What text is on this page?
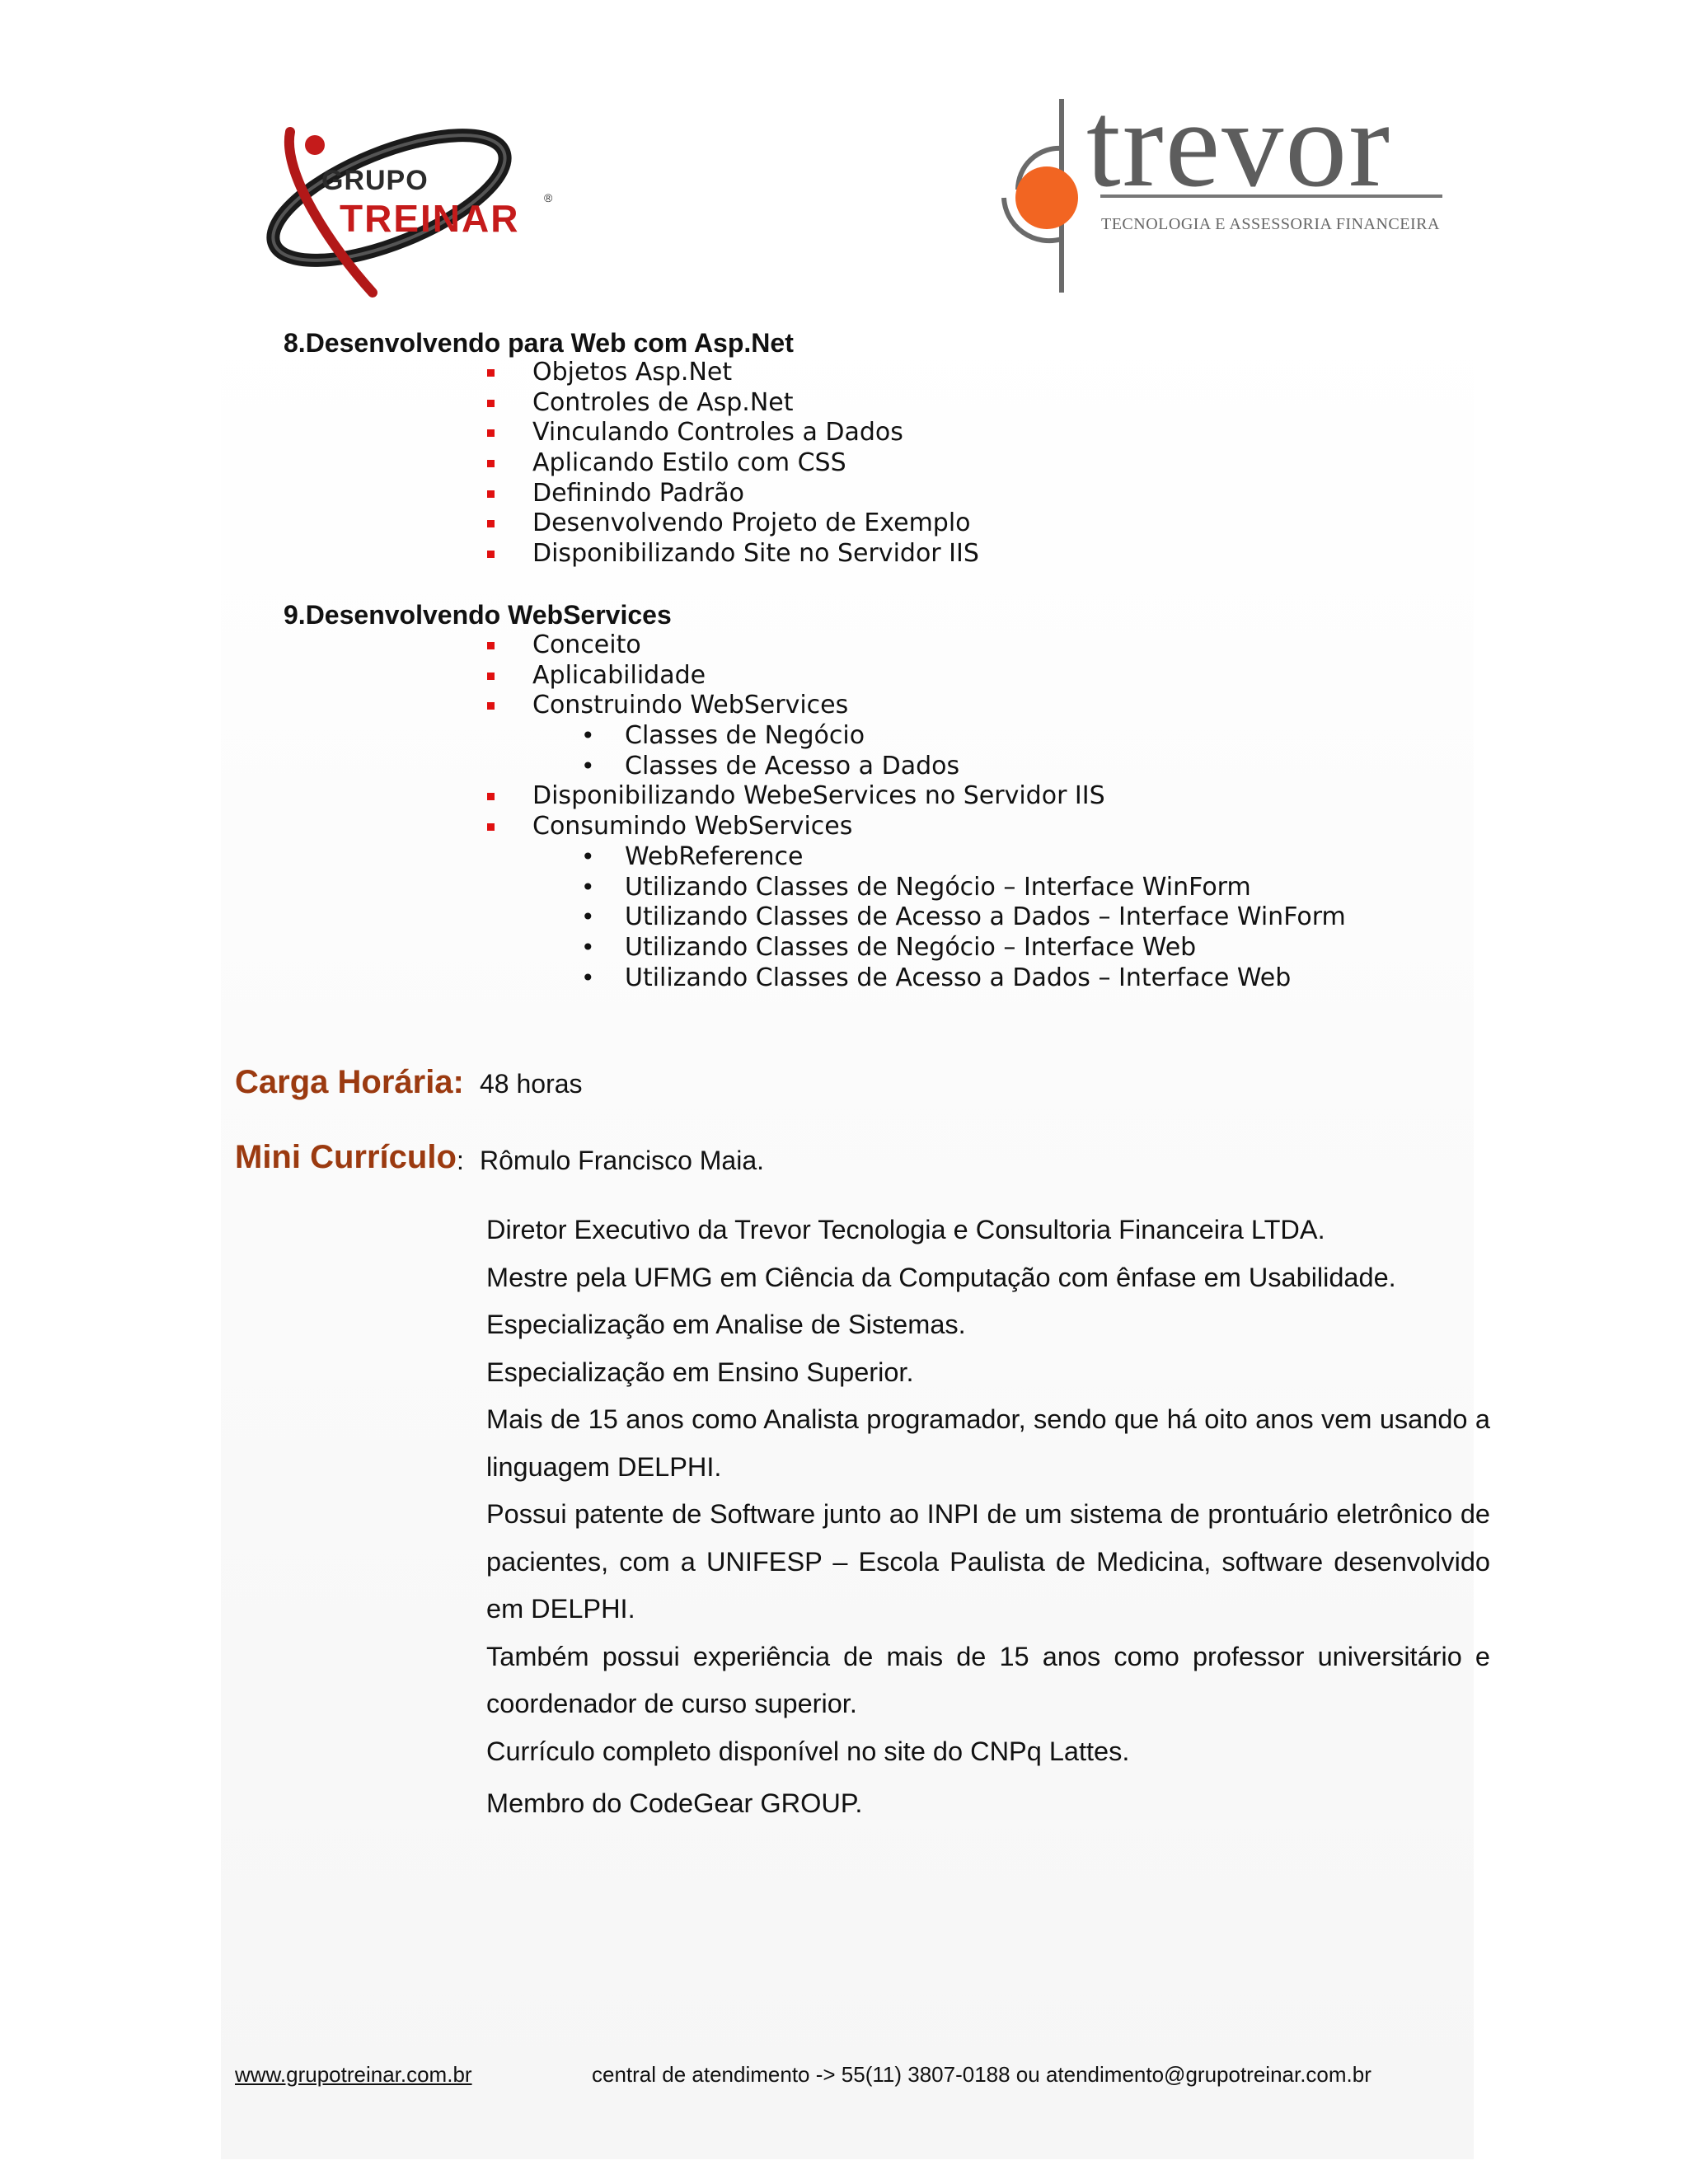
GRUPO
TREINAR ®	trevor
TECNOLOGIA E ASSESSORIA FINANCEIRA
8.Desenvolvendo para Web com Asp.Net
Objetos Asp.Net
Controles de Asp.Net
Vinculando Controles a Dados
Aplicando Estilo com CSS
Definindo Padrão
Desenvolvendo Projeto de Exemplo
Disponibilizando Site no Servidor IIS
9.Desenvolvendo WebServices
Conceito
Aplicabilidade
Construindo WebServices
• Classes de Negócio
• Classes de Acesso a Dados
Disponibilizando WebeServices no Servidor IIS
Consumindo WebServices
• WebReference
• Utilizando Classes de Negócio – Interface WinForm
• Utilizando Classes de Acesso a Dados – Interface WinForm
• Utilizando Classes de Negócio – Interface Web
• Utilizando Classes de Acesso a Dados – Interface Web
Carga Horária: 48 horas
Mini Currículo : Rômulo Francisco Maia.

Diretor Executivo da Trevor Tecnologia e Consultoria Financeira LTDA.

Mestre pela UFMG em Ciência da Computação com ênfase em Usabilidade.

Especialização em Analise de Sistemas.

Especialização em Ensino Superior.

Mais de 15 anos como Analista programador, sendo que há oito anos vem usando a linguagem DELPHI.

Possui patente de Software junto ao INPI de um sistema de prontuário eletrônico de pacientes, com a UNIFESP – Escola Paulista de Medicina, software desenvolvido em DELPHI.

Também possui experiência de mais de 15 anos como professor universitário e coordenador de curso superior.

Currículo completo disponível no site do CNPq Lattes.

Membro do CodeGear GROUP.

www.grupotreinar.com.br	central de atendimento -> 55(11) 3807-0188 ou atendimento@grupotreinar.com.br
